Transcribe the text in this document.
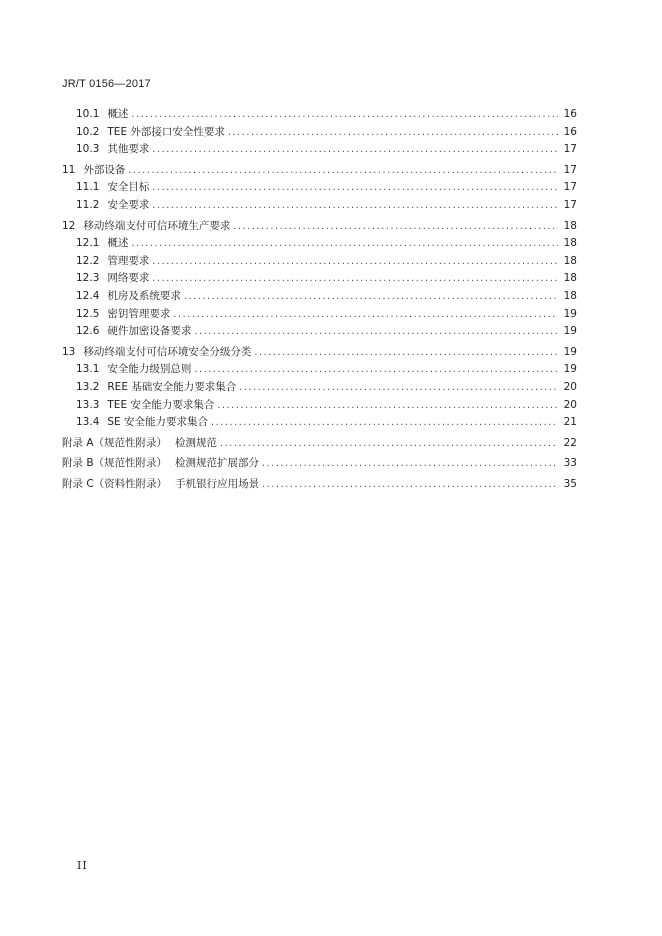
JR/T 0156—2017
10.1 概述 .....	16
10.2 TEE 外部接口安全性要求 .....	16
10.3 其他要求 .....	17
11 外部设备 .....	17
11.1 安全目标 .....	17
11.2 安全要求 .....	17
12 移动终端支付可信环境生产要求 .....	18
12.1 概述 .....	18
12.2 管理要求 .....	18
12.3 网络要求 .....	18
12.4 机房及系统要求 .....	18
12.5 密钥管理要求 .....	19
12.6 硬件加密设备要求 .....	19
13 移动终端支付可信环境安全分级分类 .....	19
13.1 安全能力级别总则 .....	19
13.2 REE 基础安全能力要求集合 .....	20
13.3 TEE 安全能力要求集合 .....	20
13.4 SE 安全能力要求集合 .....	21
附录 A（规范性附录） 检测规范 .....	22
附录 B（规范性附录） 检测规范扩展部分 .....	33
附录 C（资料性附录） 手机银行应用场景 .....	35
II
